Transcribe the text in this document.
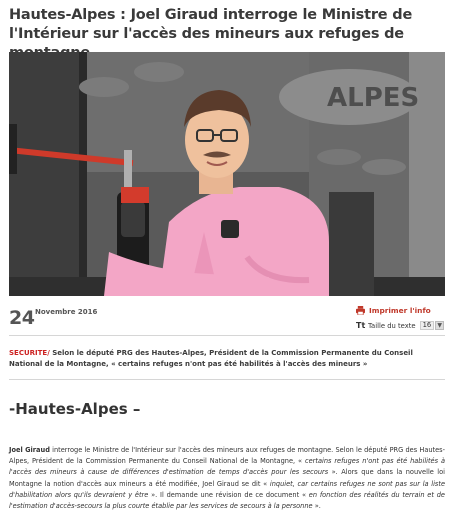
Hautes-Alpes : Joel Giraud interroge le Ministre de l'Intérieur sur l'accès des mineurs aux refuges de
ALPES
24 Novembre 2016	Imprimer l'info
Tt Taille du texte	16	▼
SECURITE/ Selon le député PRG des Hautes-Alpes, Président de la Commission Permanente du Conseil National de la Montagne, « certains refuges n'ont pas été habilités à l'accès des mineurs »
-Hautes-Alpes –
Joel Giraud interroge le Ministre de l'Intérieur sur l'accès des mineurs aux refuges de montagne. Selon le député PRG des Hautes-Alpes, Président de la Commission Permanente du Conseil National de la Montagne, « certains refuges n'ont pas été habilités à l'accès des mineurs à cause de différences d'estimation de temps d'accès pour les secours ». Alors que dans la nouvelle loi Montagne la notion d'accès aux mineurs a été modifiée, Joel Giraud se dit « inquiet, car certains refuges ne sont pas sur la liste d'habilitation alors qu'ils devraient y être ». Il demande une révision de ce document « en fonction des réalités du terrain et de l'estimation d'accès-secours la plus courte établie par les services de secours à la personne ».
